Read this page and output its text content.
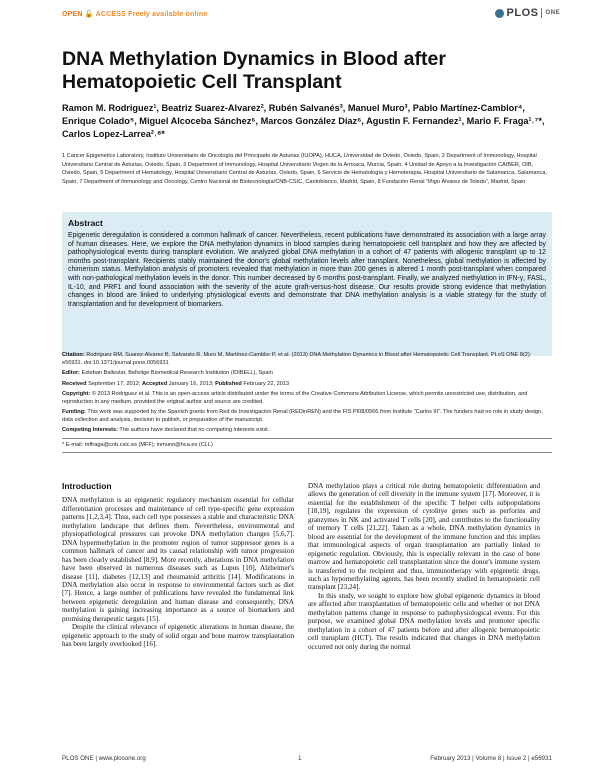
OPEN 🔓 ACCESS Freely available online	PLOS ONE
DNA Methylation Dynamics in Blood after Hematopoietic Cell Transplant
Ramon M. Rodriguez¹, Beatriz Suarez-Alvarez², Rubén Salvanés³, Manuel Muro³, Pablo Martínez-Camblor⁴, Enrique Colado⁵, Miguel Alcoceba Sánchez⁶, Marcos González Díaz⁶, Agustin F. Fernandez¹, Mario F. Fraga¹˒⁷*, Carlos Lopez-Larrea²˒⁸*
1 Cancer Epigenetics Laboratory, Instituto Universitario de Oncología del Principado de Asturias (IUOPA), HUCA, Universidad de Oviedo, Oviedo, Spain, 2 Department of Immunology, Hospital Universitario Central de Asturias, Oviedo, Spain, 3 Department of Immunology, Hospital Universitario Virgen de la Arrixaca, Murcia, Spain, 4 Unidad de Apoyo a la Investigación CAIBER, OIB, Oviedo, Spain, 5 Department of Hematology, Hospital Universitario Central de Asturias, Oviedo, Spain, 6 Servicio de Hematología y Hemoterapia, Hospital Universitario de Salamanca, Salamanca, Spain, 7 Department of Immunology and Oncology, Centro Nacional de Biotecnología/CNB-CSIC, Cantoblanco, Madrid, Spain, 8 Fundación Renal “Iñigo Álvarez de Toledo”, Madrid, Spain
Abstract

Epigenetic deregulation is considered a common hallmark of cancer. Nevertheless, recent publications have demonstrated its association with a large array of human diseases. Here, we explore the DNA methylation dynamics in blood samples during hematopoietic cell transplant and how they are affected by pathophysiological events during transplant evolution. We analyzed global DNA methylation in a cohort of 47 patients with allogenic transplant up to 12 months post-transplant. Recipients stably maintained the donor's global methylation levels after transplant. Nonetheless, global methylation is affected by chimerism status. Methylation analysis of promoters revealed that methylation in more than 200 genes is altered 1 month post-transplant when compared with non-pathological methylation levels in the donor. This number decreased by 6 months post-transplant. Finally, we analyzed methylation in IFN-γ, FASL, IL-10, and PRF1 and found association with the severity of the acute graft-versus-host disease. Our results provide strong evidence that methylation changes in blood are linked to underlying physiological events and demonstrate that DNA methylation analysis is a viable strategy for the study of transplantation and for development of biomarkers.

Citation: Rodriguez RM, Suarez-Alvarez B, Salvanés R, Muro M, Martínez-Camblor P, et al. (2013) DNA Methylation Dynamics in Blood after Hematopoietic Cell Transplant. PLoS ONE 8(2): e56931. doi:10.1371/journal.pone.0056931
Editor: Esteban Ballestar, Bellvitge Biomedical Research Institution (IDIBELL), Spain
Received September 17, 2012; Accepted January 16, 2013; Published February 22, 2013
Copyright: © 2013 Rodriguez et al. This is an open-access article distributed under the terms of the Creative Commons Attribution License, which permits unrestricted use, distribution, and reproduction in any medium, provided the original author and source are credited.
Funding: This work was supported by the Spanish grants from Red de Investigación Renal (REDinREN) and the FIS PI08/0566 from Institute “Carlos III”. The funders had no role in study design, data collection and analysis, decision to publish, or preparation of the manuscript.
Competing Interests: The authors have declared that no competing interests exist.
* E-mail: mffraga@cnb.csic.es (MFF); inmuno@hca.es (CLL)
Introduction

DNA methylation is an epigenetic regulatory mechanism essential for cellular differentiation processes and maintenance of cell type-specific gene expression patterns [1,2,3,4]. Thus, each cell type possesses a stable and characteristic DNA methylation landscape that defines them. Nevertheless, environmental and physiopathological pressures can provoke DNA methylation changes [5,6,7]. DNA hypermethylation in the promoter region of tumor suppressor genes is a common hallmark of cancer and its causal relationship with tumor progression has been clearly established [8,9]. More recently, alterations in DNA methylation have been observed in numerous diseases such as Lupus [10], Alzheimer's disease [11], diabetes [12,13] and rheumatoid arthritis [14]. Modifications in DNA methylation also occur in response to environmental factors such as diet [7]. Hence, a large number of publications have revealed the fundamental link between epigenetic deregulation and human disease and consequently, DNA methylation is gaining increasing importance as a source of biomarkers and promising therapeutic targets [15].

Despite the clinical relevance of epigenetic alterations in human disease, the epigenetic approach to the study of solid organ and bone marrow transplantation has been largely overlooked [16].

DNA methylation plays a critical role during hematopoietic differentiation and allows the generation of cell diversity in the immune system [17]. Moreover, it is essential for the establishment of the specific T helper cells subpopulations [18,19], regulates the expression of cytolitye genes such as perforins and granzymes in NK and activated T cells [20], and contributes to the functionality of memory T cells [21,22]. Taken as a whole, DNA methylation dynamics in blood are essential for the development of the immune function and this implies that immunological aspects of organ transplantation are partially linked to epigenetic regulation. Obviously, this is especially relevant in the case of bone marrow and hematopoietic cell transplantation since the donor's immune system is transferred to the recipient and thus, immunotherapy with epigenetic drugs, such as hypomethylating agents, has been recently studied in hematopoietic cell transplant [23,24].

In this study, we sought to explore how global epigenetic dynamics in blood are affected after transplantation of hematopoietic cells and whether or not DNA methylation patterns change in response to pathophysiological events. For this purpose, we examined global DNA methylation levels and promoter specific methylation in a cohort of 47 patients before and after allogenic hematopoietic cell transplant (HCT). The results indicated that changes in DNA methylation occurred not only during the normal

PLOS ONE | www.plosone.org	1	February 2013 | Volume 8 | Issue 2 | e56931
